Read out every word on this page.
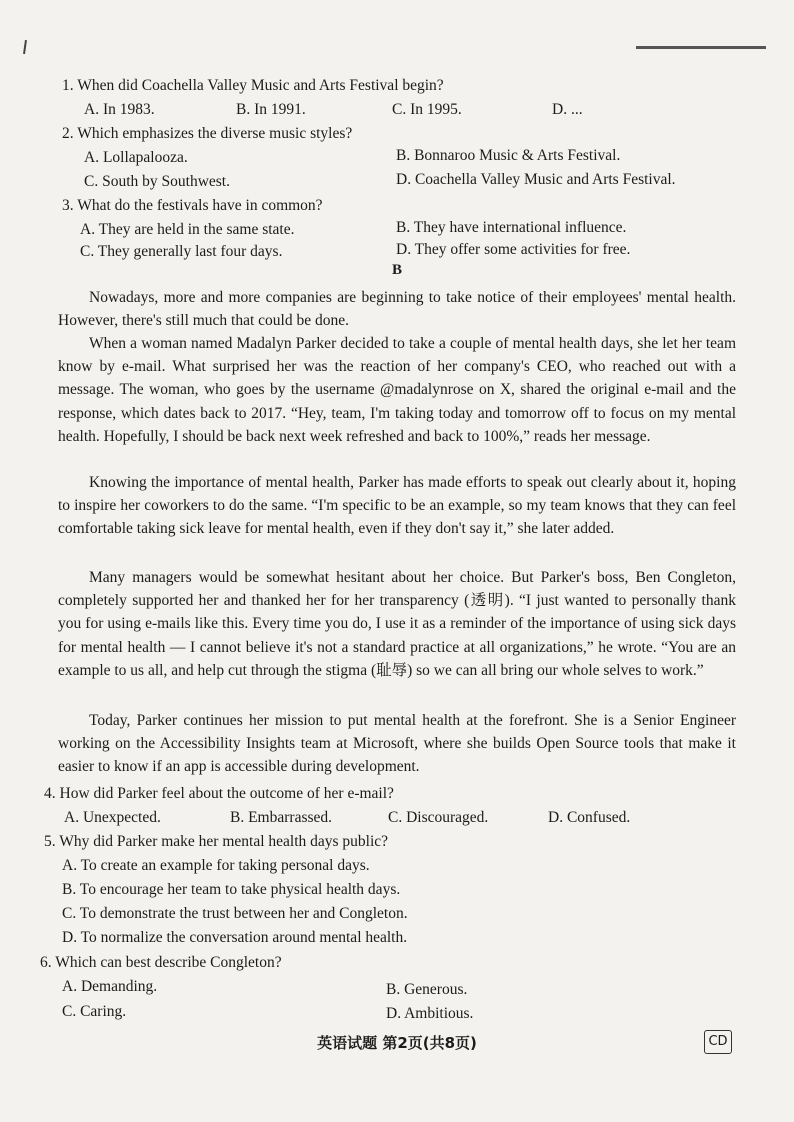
1. When did Coachella Valley Music and Arts Festival begin?
A. In 1983.	B. In 1991.	C. In 1995.	D. ...
2. Which emphasizes the diverse music styles?
A. Lollapalooza.	B. Bonnaroo Music & Arts Festival.
C. South by Southwest.	D. Coachella Valley Music and Arts Festival.
3. What do the festivals have in common?
A. They are held in the same state.	B. They have international influence.
C. They generally last four days.	D. They offer some activities for free.
B
Nowadays, more and more companies are beginning to take notice of their employees' mental health. However, there's still much that could be done.
When a woman named Madalyn Parker decided to take a couple of mental health days, she let her team know by e-mail. What surprised her was the reaction of her company's CEO, who reached out with a message. The woman, who goes by the username @madalynrose on X, shared the original e-mail and the response, which dates back to 2017. “Hey, team, I'm taking today and tomorrow off to focus on my mental health. Hopefully, I should be back next week refreshed and back to 100%,” reads her message.
Knowing the importance of mental health, Parker has made efforts to speak out clearly about it, hoping to inspire her coworkers to do the same. “I'm specific to be an example, so my team knows that they can feel comfortable taking sick leave for mental health, even if they don't say it,” she later added.
Many managers would be somewhat hesitant about her choice. But Parker's boss, Ben Congleton, completely supported her and thanked her for her transparency (透明). “I just wanted to personally thank you for using e-mails like this. Every time you do, I use it as a reminder of the importance of using sick days for mental health — I cannot believe it's not a standard practice at all organizations,” he wrote. “You are an example to us all, and help cut through the stigma (耻辱) so we can all bring our whole selves to work.”
Today, Parker continues her mission to put mental health at the forefront. She is a Senior Engineer working on the Accessibility Insights team at Microsoft, where she builds Open Source tools that make it easier to know if an app is accessible during development.
4. How did Parker feel about the outcome of her e-mail?
A. Unexpected.	B. Embarrassed.	C. Discouraged.	D. Confused.
5. Why did Parker make her mental health days public?
A. To create an example for taking personal days.
B. To encourage her team to take physical health days.
C. To demonstrate the trust between her and Congleton.
D. To normalize the conversation around mental health.
6. Which can best describe Congleton?
A. Demanding.	B. Generous.
C. Caring.	D. Ambitious.
英语试题 第2页(共8页)	CD
